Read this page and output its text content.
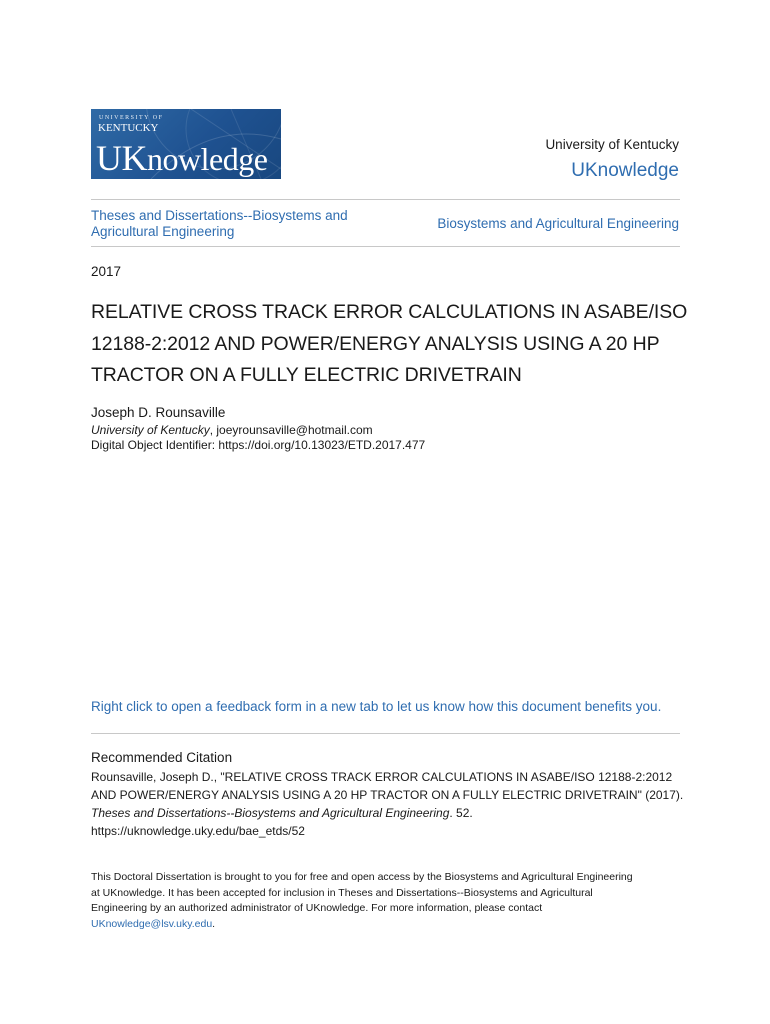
UNIVERSITY OF
KENTUCKY
UKnowledge	University of Kentucky
UKnowledge
Theses and Dissertations--Biosystems and
Agricultural Engineering
Biosystems and Agricultural Engineering
2017
RELATIVE CROSS TRACK ERROR CALCULATIONS IN ASABE/ISO
12188-2:2012 AND POWER/ENERGY ANALYSIS USING A 20 HP
TRACTOR ON A FULLY ELECTRIC DRIVETRAIN
Joseph D. Rounsaville
University of Kentucky, joeyrounsaville@hotmail.com
Digital Object Identifier: https://doi.org/10.13023/ETD.2017.477
Right click to open a feedback form in a new tab to let us know how this document benefits you.
Recommended Citation
Rounsaville, Joseph D., "RELATIVE CROSS TRACK ERROR CALCULATIONS IN ASABE/ISO 12188-2:2012
AND POWER/ENERGY ANALYSIS USING A 20 HP TRACTOR ON A FULLY ELECTRIC DRIVETRAIN" (2017).
Theses and Dissertations--Biosystems and Agricultural Engineering. 52.
https://uknowledge.uky.edu/bae_etds/52
This Doctoral Dissertation is brought to you for free and open access by the Biosystems and Agricultural Engineering
at UKnowledge. It has been accepted for inclusion in Theses and Dissertations--Biosystems and Agricultural
Engineering by an authorized administrator of UKnowledge. For more information, please contact
UKnowledge@lsv.uky.edu.
